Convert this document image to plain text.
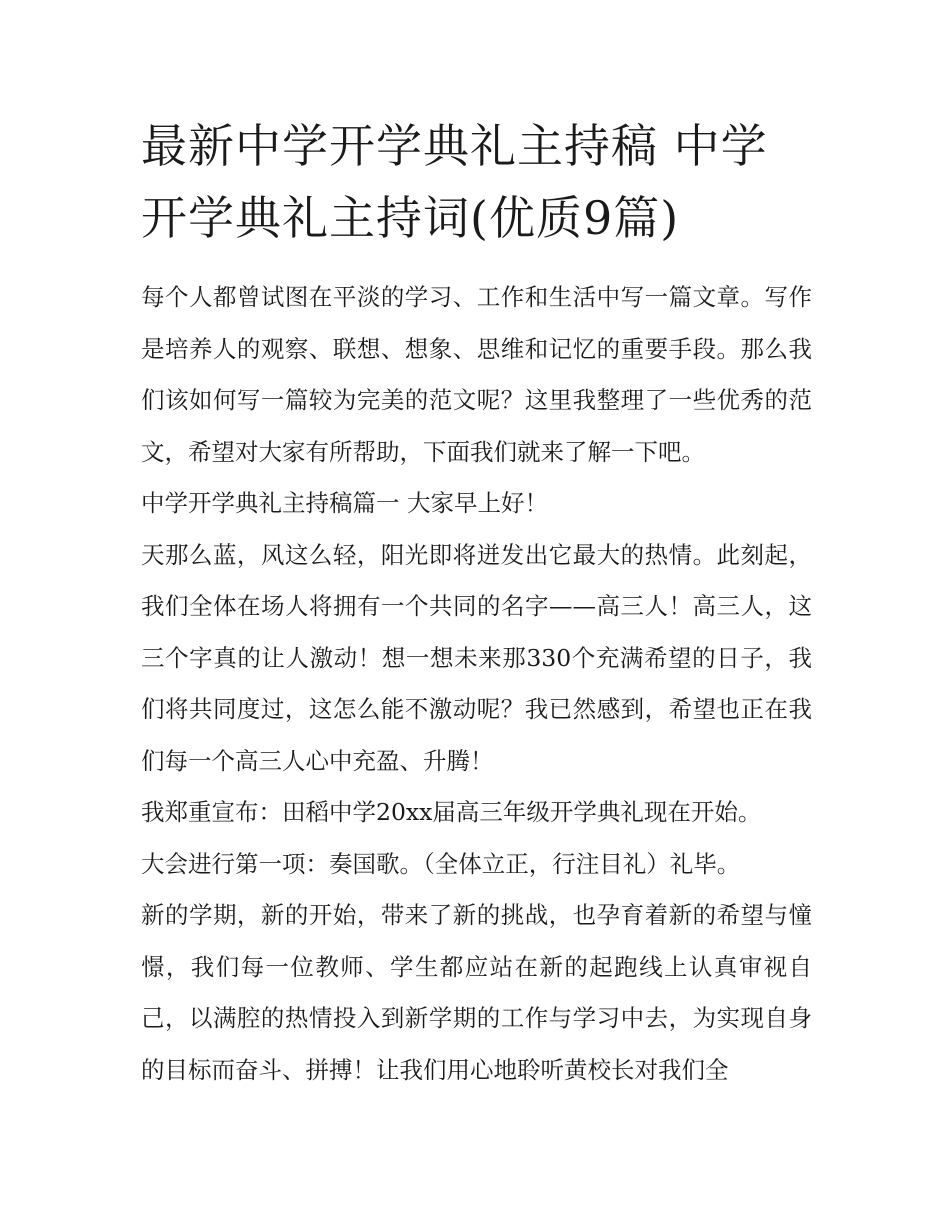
最新中学开学典礼主持稿 中学开学典礼主持词(优质9篇)

每个人都曾试图在平淡的学习、工作和生活中写一篇文章。写作是培养人的观察、联想、想象、思维和记忆的重要手段。那么我们该如何写一篇较为完美的范文呢？这里我整理了一些优秀的范文，希望对大家有所帮助，下面我们就来了解一下吧。

中学开学典礼主持稿篇一 大家早上好！

天那么蓝，风这么轻，阳光即将迸发出它最大的热情。此刻起，我们全体在场人将拥有一个共同的名字——高三人！高三人，这三个字真的让人激动！想一想未来那330个充满希望的日子，我们将共同度过，这怎么能不激动呢？我已然感到，希望也正在我们每一个高三人心中充盈、升腾！

我郑重宣布：田稻中学20xx届高三年级开学典礼现在开始。

大会进行第一项：奏国歌。（全体立正，行注目礼）礼毕。

新的学期，新的开始，带来了新的挑战，也孕育着新的希望与憧憬，我们每一位教师、学生都应站在新的起跑线上认真审视自己，以满腔的热情投入到新学期的工作与学习中去，为实现自身的目标而奋斗、拼搏！让我们用心地聆听黄校长对我们全
